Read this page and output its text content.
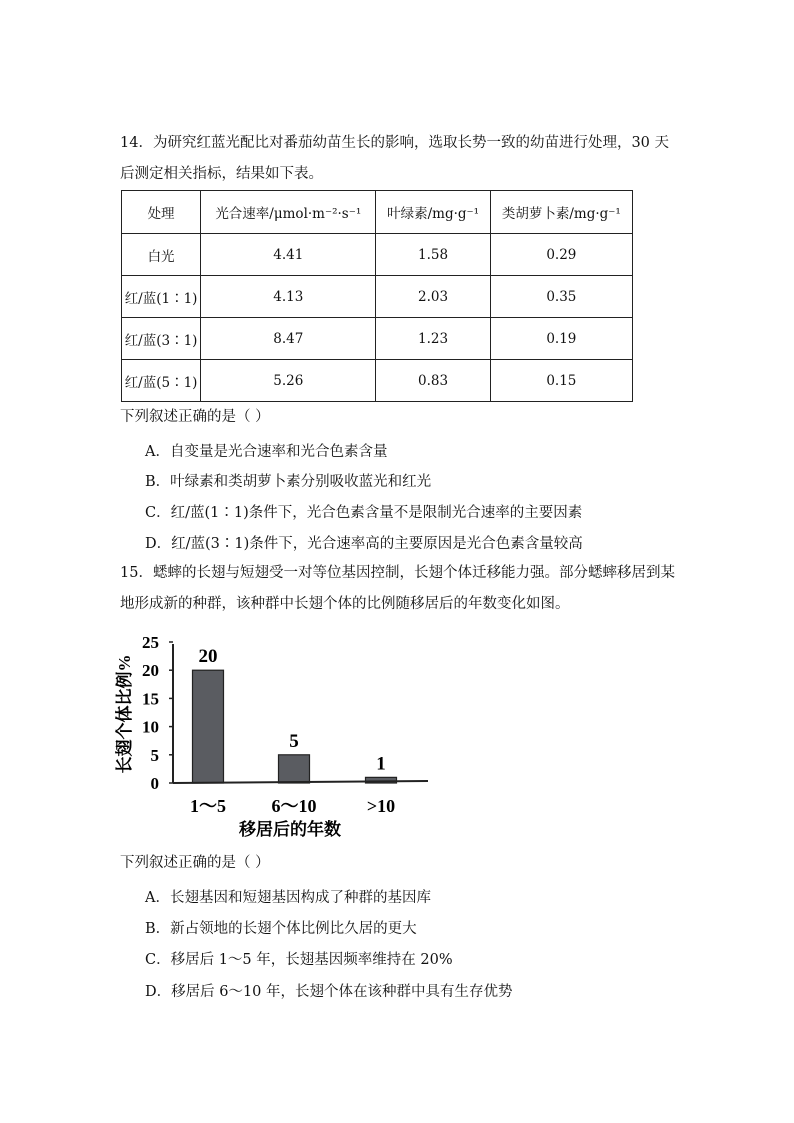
14．为研究红蓝光配比对番茄幼苗生长的影响，选取长势一致的幼苗进行处理，30 天后测定相关指标，结果如下表。
处理	光合速率/μmol·m⁻²·s⁻¹	叶绿素/mg·g⁻¹	类胡萝卜素/mg·g⁻¹
白光	4.41	1.58	0.29
红/蓝(1∶1)	4.13	2.03	0.35
红/蓝(3∶1)	8.47	1.23	0.19
红/蓝(5∶1)	5.26	0.83	0.15
下列叙述正确的是（ ）
A．自变量是光合速率和光合色素含量
B．叶绿素和类胡萝卜素分别吸收蓝光和红光
C．红/蓝(1∶1)条件下，光合色素含量不是限制光合速率的主要因素
D．红/蓝(3∶1)条件下，光合速率高的主要原因是光合色素含量较高
15．蟋蟀的长翅与短翅受一对等位基因控制，长翅个体迁移能力强。部分蟋蟀移居到某地形成新的种群，该种群中长翅个体的比例随移居后的年数变化如图。
0
5
10
15
20
25
20
1～5
5
6～10
1
>10
长翅个体比例%
移居后的年数
下列叙述正确的是（ ）
A．长翅基因和短翅基因构成了种群的基因库
B．新占领地的长翅个体比例比久居的更大
C．移居后 1～5 年，长翅基因频率维持在 20%
D．移居后 6～10 年，长翅个体在该种群中具有生存优势
